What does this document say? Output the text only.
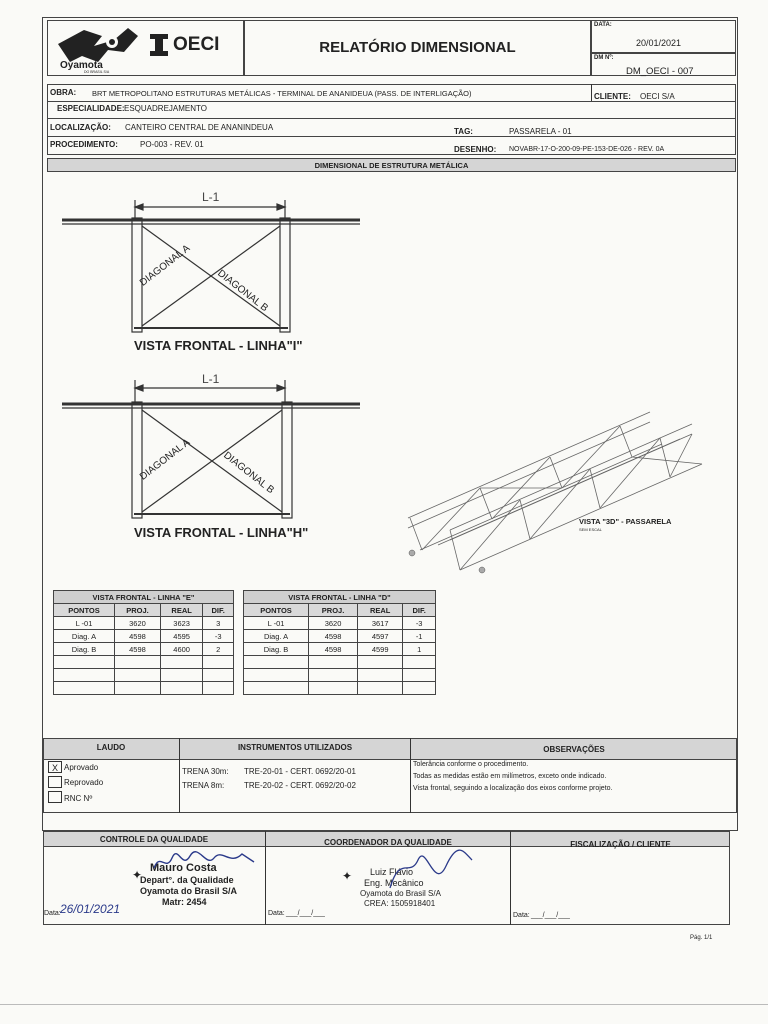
Oyamota
DO BRASIL S/A
OECI	RELATÓRIO DIMENSIONAL
DATA:
20/01/2021
DM Nº:
DM_OECI - 007
OBRA: BRT METROPOLITANO ESTRUTURAS METÁLICAS - TERMINAL DE ANANIDEUA (PASS. DE INTERLIGAÇÃO)	CLIENTE: OECI S/A
ESPECIALIDADE: ESQUADREJAMENTO
LOCALIZAÇÃO: CANTEIRO CENTRAL DE ANANINDEUA	TAG:	PASSARELA - 01
PROCEDIMENTO:	PO-003 - REV. 01
DESENHO: NOVABR-17-O-200-09-PE-153-DE-026 - REV. 0A
DIMENSIONAL DE ESTRUTURA METÁLICA
L-1
DIAGONAL A
DIAGONAL B
VISTA FRONTAL - LINHA"I"
L-1
DIAGONAL A	DIAGONAL B
VISTA FRONTAL - LINHA"H"
VISTA "3D" - PASSARELA
SEM ESCAL
VISTA FRONTAL - LINHA "E"			
PONTOS	PROJ.	REAL	DIF.
L -01	3620	3623	3
Diag. A	4598	4595	-3
Diag. B	4598	4600	2

VISTA FRONTAL - LINHA "D"			
PONTOS	PROJ.	REAL	DIF.
L -01	3620	3617	-3
Diag. A	4598	4597	-1
Diag. B	4598	4599	1

LAUDO	INSTRUMENTOS UTILIZADOS	OBSERVAÇÕES
X Aprovado
Reprovado
RNC Nº
TRENA 30m: TRE-20-01 - CERT. 0692/20-01
TRENA 8m: TRE-20-02 - CERT. 0692/20-02
Tolerância conforme o procedimento.
Todas as medidas estão em milímetros, exceto onde indicado.
Vista frontal, seguindo a localização dos eixos conforme projeto.
CONTROLE DA QUALIDADE	COORDENADOR DA QUALIDADE	FISCALIZAÇÃO / CLIENTE
✦ Mauro Costa
Depart°. da Qualidade
Oyamota do Brasil S/A
Matr: 2454
Data: 26/01/2021
✦ Luiz Flávio
Eng. Mecânico
Oyamota do Brasil S/A
CREA: 1505918401
Data: ___/___/___	Data: ___/___/___
Pág. 1/1
